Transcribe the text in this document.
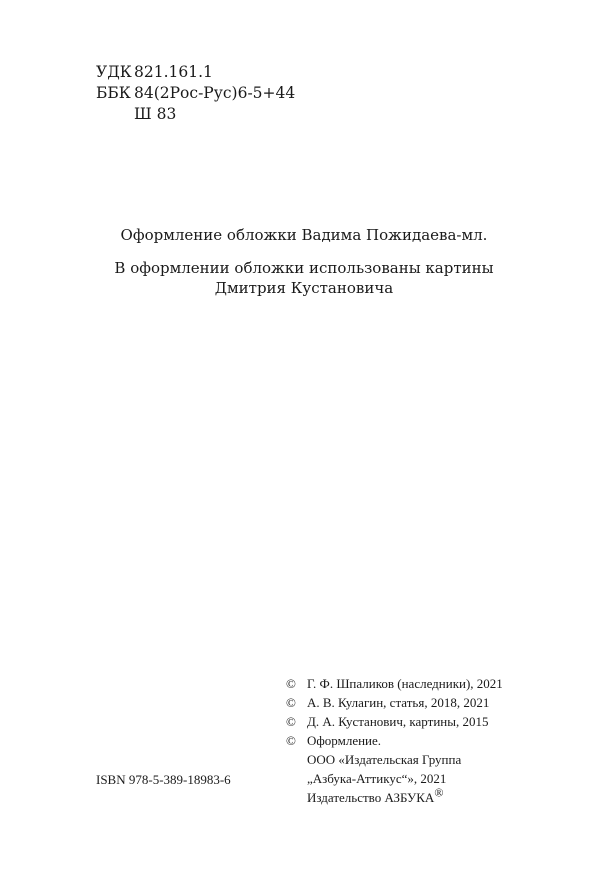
УДК 821.161.1
ББК 84(2Рос-Рус)6-5+44
Ш 83
Оформление обложки Вадима Пожидаева-мл.
В оформлении обложки использованы картины
Дмитрия Кустановича
© Г. Ф. Шпаликов (наследники), 2021
© А. В. Кулагин, статья, 2018, 2021
© Д. А. Кустанович, картины, 2015
© Оформление.
ООО «Издательская Группа
„Азбука-Аттикус“», 2021
Издательство АЗБУКА®
ISBN 978-5-389-18983-6
